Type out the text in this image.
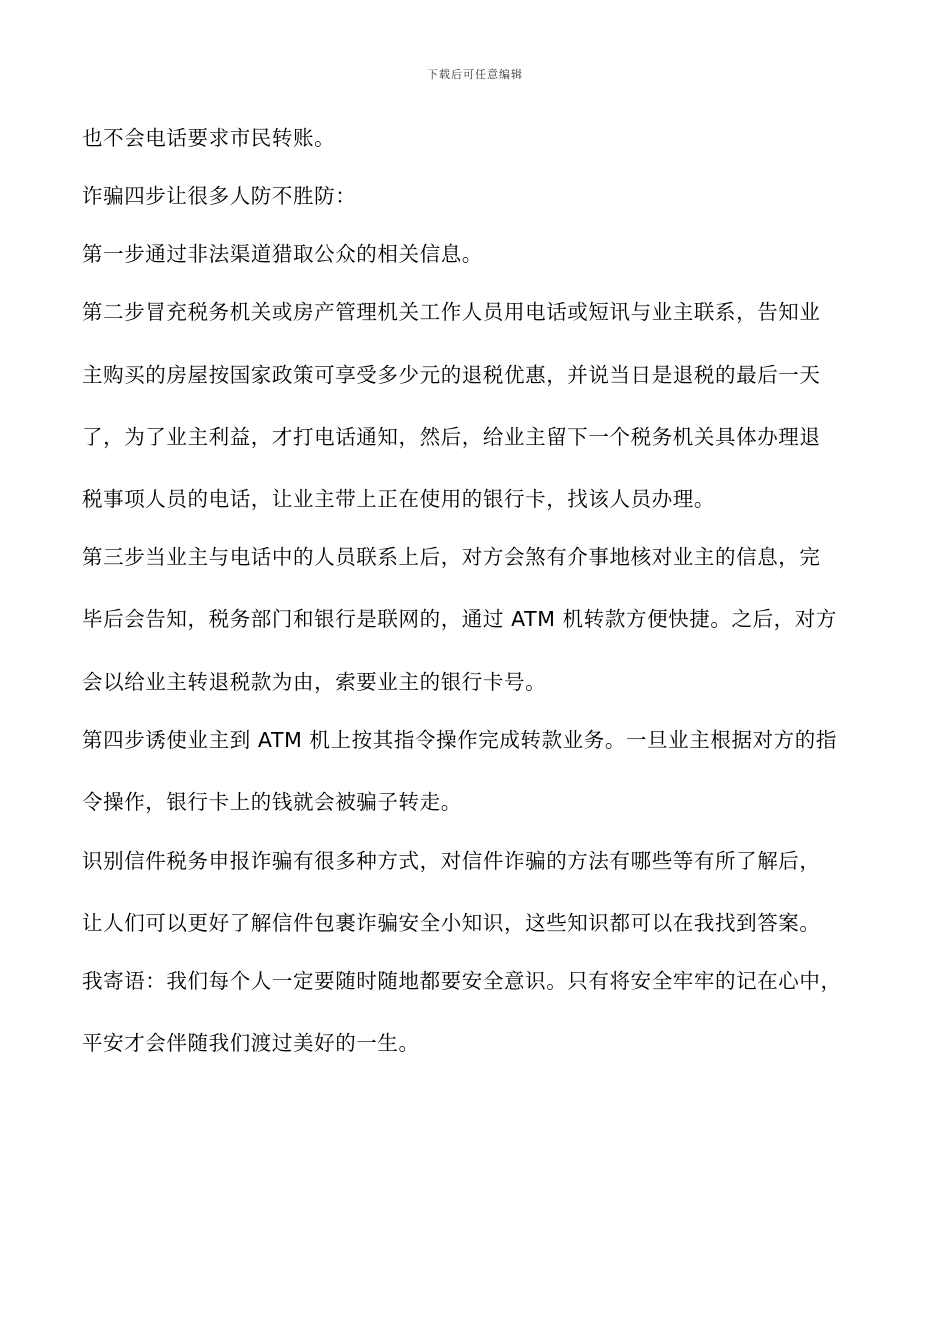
下载后可任意编辑

也不会电话要求市民转账。

诈骗四步让很多人防不胜防：

第一步通过非法渠道猎取公众的相关信息。

第二步冒充税务机关或房产管理机关工作人员用电话或短讯与业主联系，告知业

主购买的房屋按国家政策可享受多少元的退税优惠，并说当日是退税的最后一天

了，为了业主利益，才打电话通知，然后，给业主留下一个税务机关具体办理退

税事项人员的电话，让业主带上正在使用的银行卡，找该人员办理。

第三步当业主与电话中的人员联系上后，对方会煞有介事地核对业主的信息，完

毕后会告知，税务部门和银行是联网的，通过 ATM 机转款方便快捷。之后，对方

会以给业主转退税款为由，索要业主的银行卡号。

第四步诱使业主到 ATM 机上按其指令操作完成转款业务。一旦业主根据对方的指

令操作，银行卡上的钱就会被骗子转走。

识别信件税务申报诈骗有很多种方式，对信件诈骗的方法有哪些等有所了解后，

让人们可以更好了解信件包裹诈骗安全小知识，这些知识都可以在我找到答案。

我寄语：我们每个人一定要随时随地都要安全意识。只有将安全牢牢的记在心中，

平安才会伴随我们渡过美好的一生。
